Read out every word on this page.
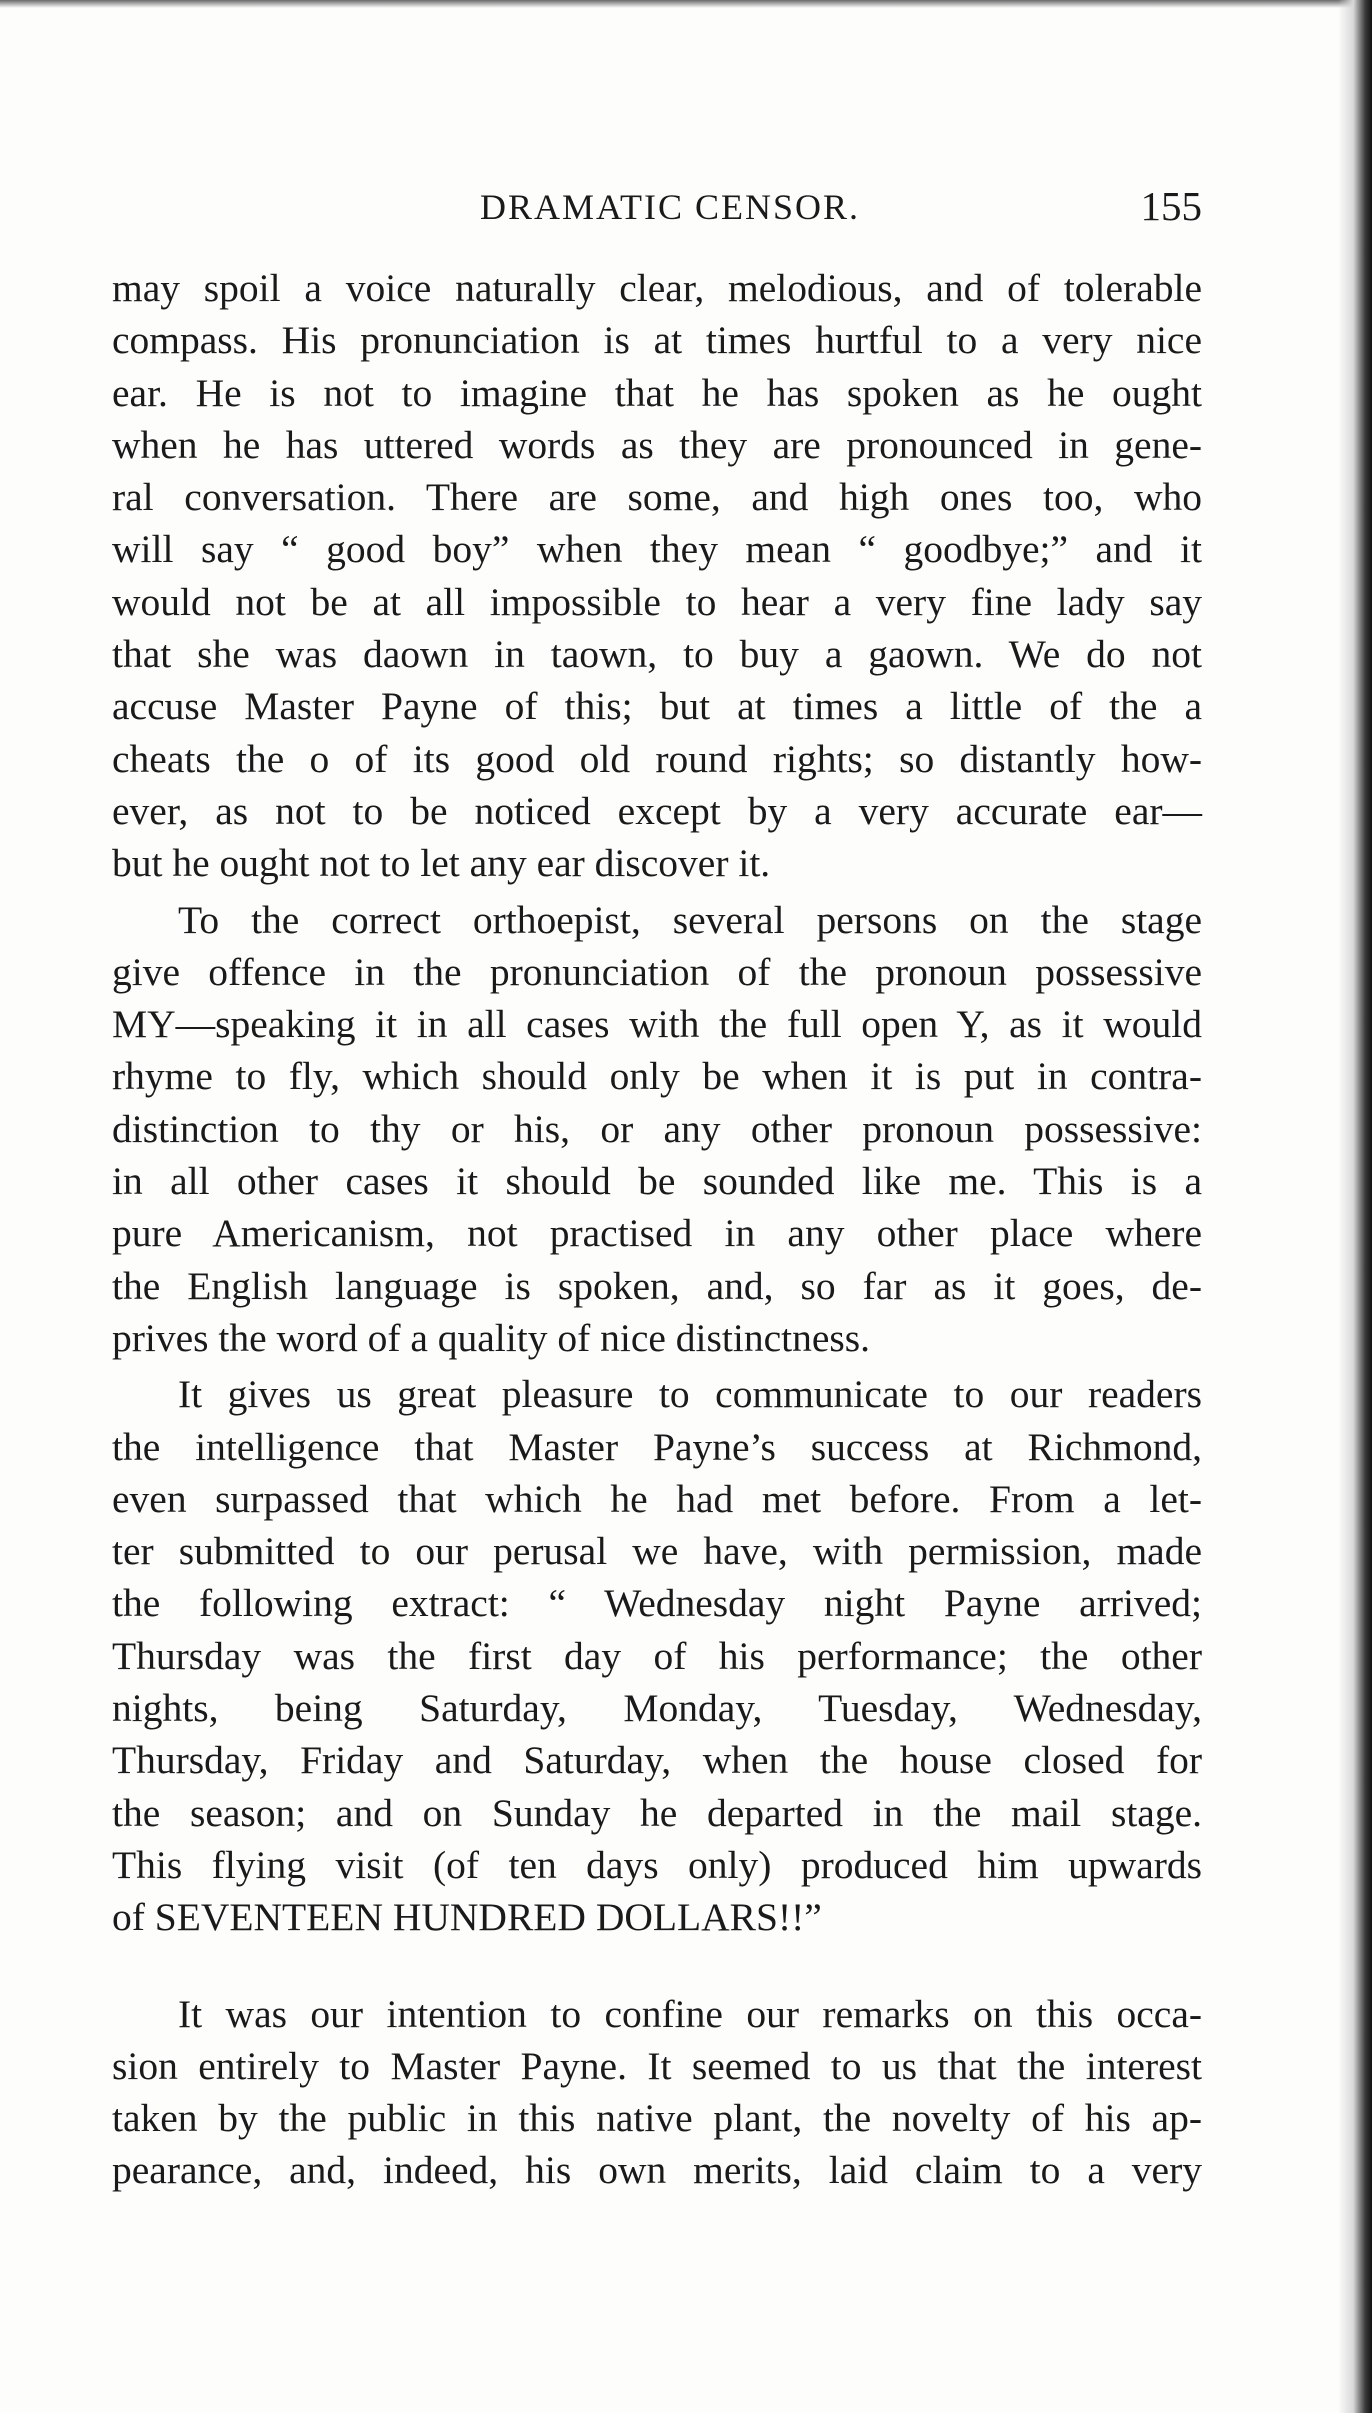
DRAMATIC CENSOR.	155
may spoil a voice naturally clear, melodious, and of tolerable
compass. His pronunciation is at times hurtful to a very nice
ear. He is not to imagine that he has spoken as he ought
when he has uttered words as they are pronounced in gene-
ral conversation. There are some, and high ones too, who
will say “ good boy” when they mean “ goodbye;” and it
would not be at all impossible to hear a very fine lady say
that she was daown in taown, to buy a gaown. We do not
accuse Master Payne of this; but at times a little of the a
cheats the o of its good old round rights; so distantly how-
ever, as not to be noticed except by a very accurate ear—
but he ought not to let any ear discover it.
To the correct orthoepist, several persons on the stage
give offence in the pronunciation of the pronoun possessive
MY—speaking it in all cases with the full open Y, as it would
rhyme to fly, which should only be when it is put in contra-
distinction to thy or his, or any other pronoun possessive:
in all other cases it should be sounded like me. This is a
pure Americanism, not practised in any other place where
the English language is spoken, and, so far as it goes, de-
prives the word of a quality of nice distinctness.
It gives us great pleasure to communicate to our readers
the intelligence that Master Payne’s success at Richmond,
even surpassed that which he had met before. From a let-
ter submitted to our perusal we have, with permission, made
the following extract: “ Wednesday night Payne arrived;
Thursday was the first day of his performance; the other
nights, being Saturday, Monday, Tuesday, Wednesday,
Thursday, Friday and Saturday, when the house closed for
the season; and on Sunday he departed in the mail stage.
This flying visit (of ten days only) produced him upwards
of SEVENTEEN HUNDRED DOLLARS!!”
It was our intention to confine our remarks on this occa-
sion entirely to Master Payne. It seemed to us that the interest
taken by the public in this native plant, the novelty of his ap-
pearance, and, indeed, his own merits, laid claim to a very
